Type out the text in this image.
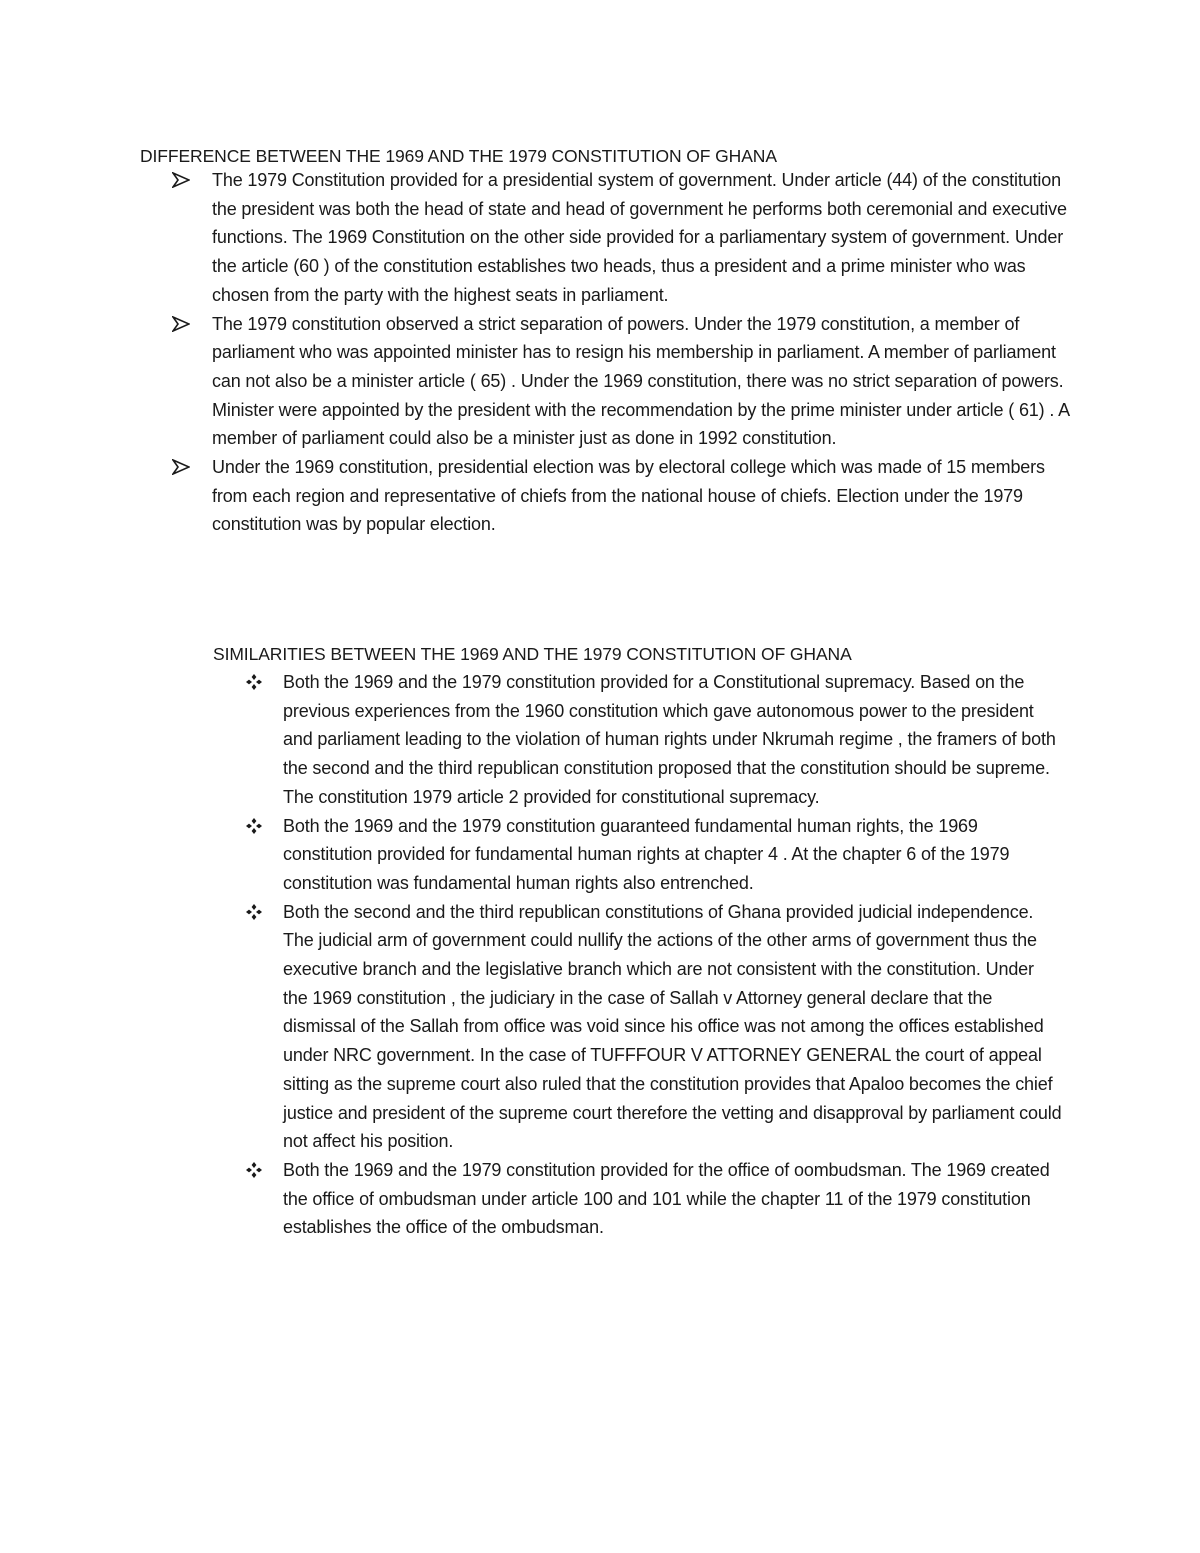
DIFFERENCE BETWEEN THE 1969 AND THE 1979 CONSTITUTION OF GHANA
The 1979 Constitution provided for a presidential system of government. Under article (44) of the constitution the president was both the head of state and head of government he performs both ceremonial and executive functions. The 1969 Constitution on the other side provided for a parliamentary system of government. Under the article (60 ) of the constitution establishes two heads, thus a president and a prime minister who was chosen from the party with the highest seats in parliament.
The 1979 constitution observed a strict separation of powers. Under the 1979 constitution, a member of parliament who was appointed minister has to resign his membership in parliament. A member of parliament can not also be a minister article ( 65) . Under the 1969 constitution, there was no strict separation of powers. Minister were appointed by the president with the recommendation by the prime minister under article ( 61) . A member of parliament could also be a minister just as done in 1992 constitution.
Under the 1969 constitution, presidential election was by electoral college which was made of 15 members from each region and representative of chiefs from the national house of chiefs. Election under the 1979 constitution was by popular election.
SIMILARITIES BETWEEN THE 1969 AND THE 1979 CONSTITUTION OF GHANA
Both the 1969 and the 1979 constitution provided for a Constitutional supremacy. Based on the previous experiences from the 1960 constitution which gave autonomous power to the president and parliament leading to the violation of human rights under Nkrumah regime , the framers of both the second and the third republican constitution proposed that the constitution should be supreme. The constitution 1979 article 2 provided for constitutional supremacy.
Both the 1969 and the 1979 constitution guaranteed fundamental human rights, the 1969 constitution provided for fundamental human rights at chapter 4 . At the chapter 6 of the 1979 constitution was fundamental human rights also entrenched.
Both the second and the third republican constitutions of Ghana provided judicial independence. The judicial arm of government could nullify the actions of the other arms of government thus the executive branch and the legislative branch which are not consistent with the constitution. Under the 1969 constitution , the judiciary in the case of Sallah v Attorney general declare that the dismissal of the Sallah from office was void since his office was not among the offices established under NRC government. In the case of TUFFFOUR V ATTORNEY GENERAL the court of appeal sitting as the supreme court also ruled that the constitution provides that Apaloo becomes the chief justice and president of the supreme court therefore the vetting and disapproval by parliament could not affect his position.
Both the 1969 and the 1979 constitution provided for the office of oombudsman. The 1969 created the office of ombudsman under article 100 and 101 while the chapter 11 of the 1979 constitution establishes the office of the ombudsman.
